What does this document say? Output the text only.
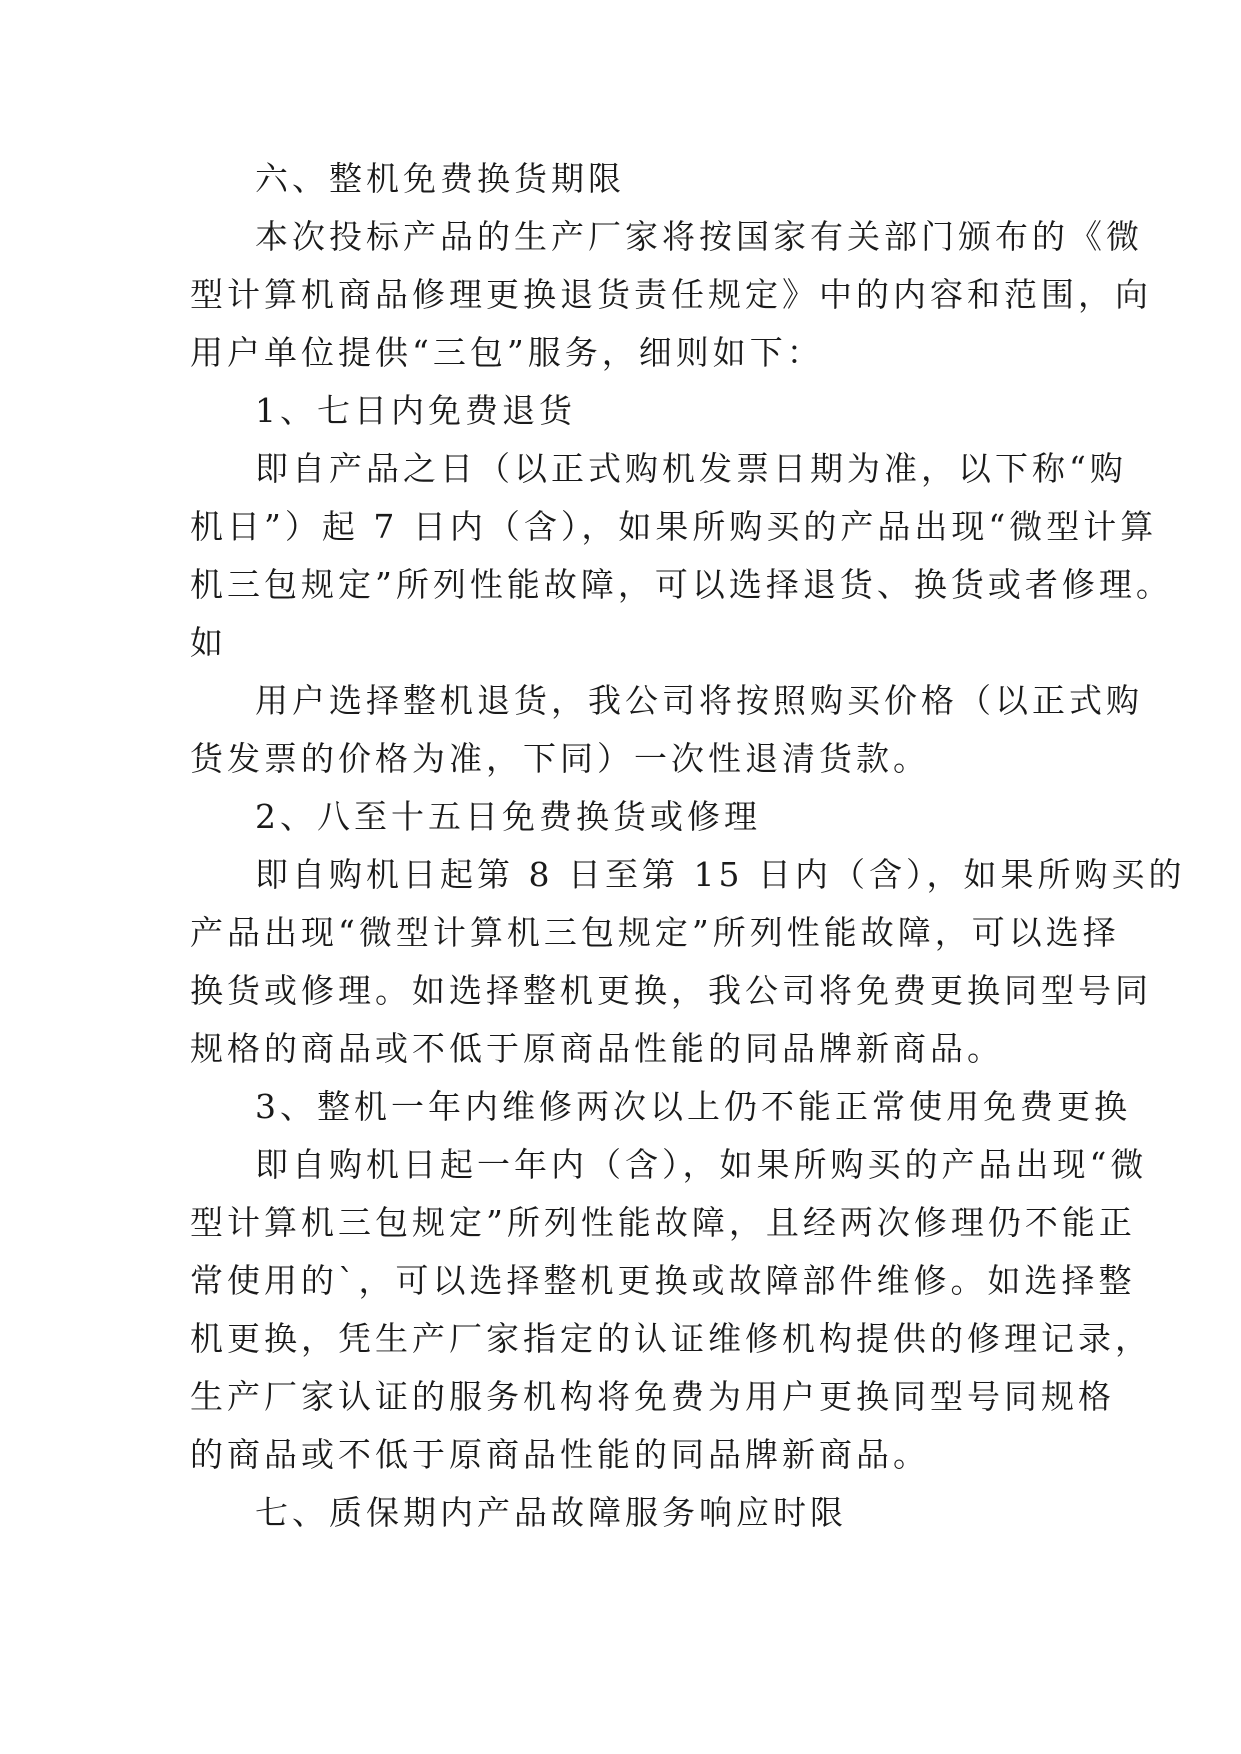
六、整机免费换货期限

本次投标产品的生产厂家将按国家有关部门颁布的《微

型计算机商品修理更换退货责任规定》中的内容和范围，向

用户单位提供“三包”服务，细则如下：

1、七日内免费退货

即自产品之日（以正式购机发票日期为准，以下称“购

机日”）起 7 日内（含），如果所购买的产品出现“微型计算

机三包规定”所列性能故障，可以选择退货、换货或者修理。

如

用户选择整机退货，我公司将按照购买价格（以正式购

货发票的价格为准，下同）一次性退清货款。

2、八至十五日免费换货或修理

即自购机日起第 8 日至第 15 日内（含），如果所购买的

产品出现“微型计算机三包规定”所列性能故障，可以选择

换货或修理。如选择整机更换，我公司将免费更换同型号同

规格的商品或不低于原商品性能的同品牌新商品。

3、整机一年内维修两次以上仍不能正常使用免费更换

即自购机日起一年内（含），如果所购买的产品出现“微

型计算机三包规定”所列性能故障，且经两次修理仍不能正

常使用的`，可以选择整机更换或故障部件维修。如选择整

机更换，凭生产厂家指定的认证维修机构提供的修理记录，

生产厂家认证的服务机构将免费为用户更换同型号同规格

的商品或不低于原商品性能的同品牌新商品。

七、质保期内产品故障服务响应时限
